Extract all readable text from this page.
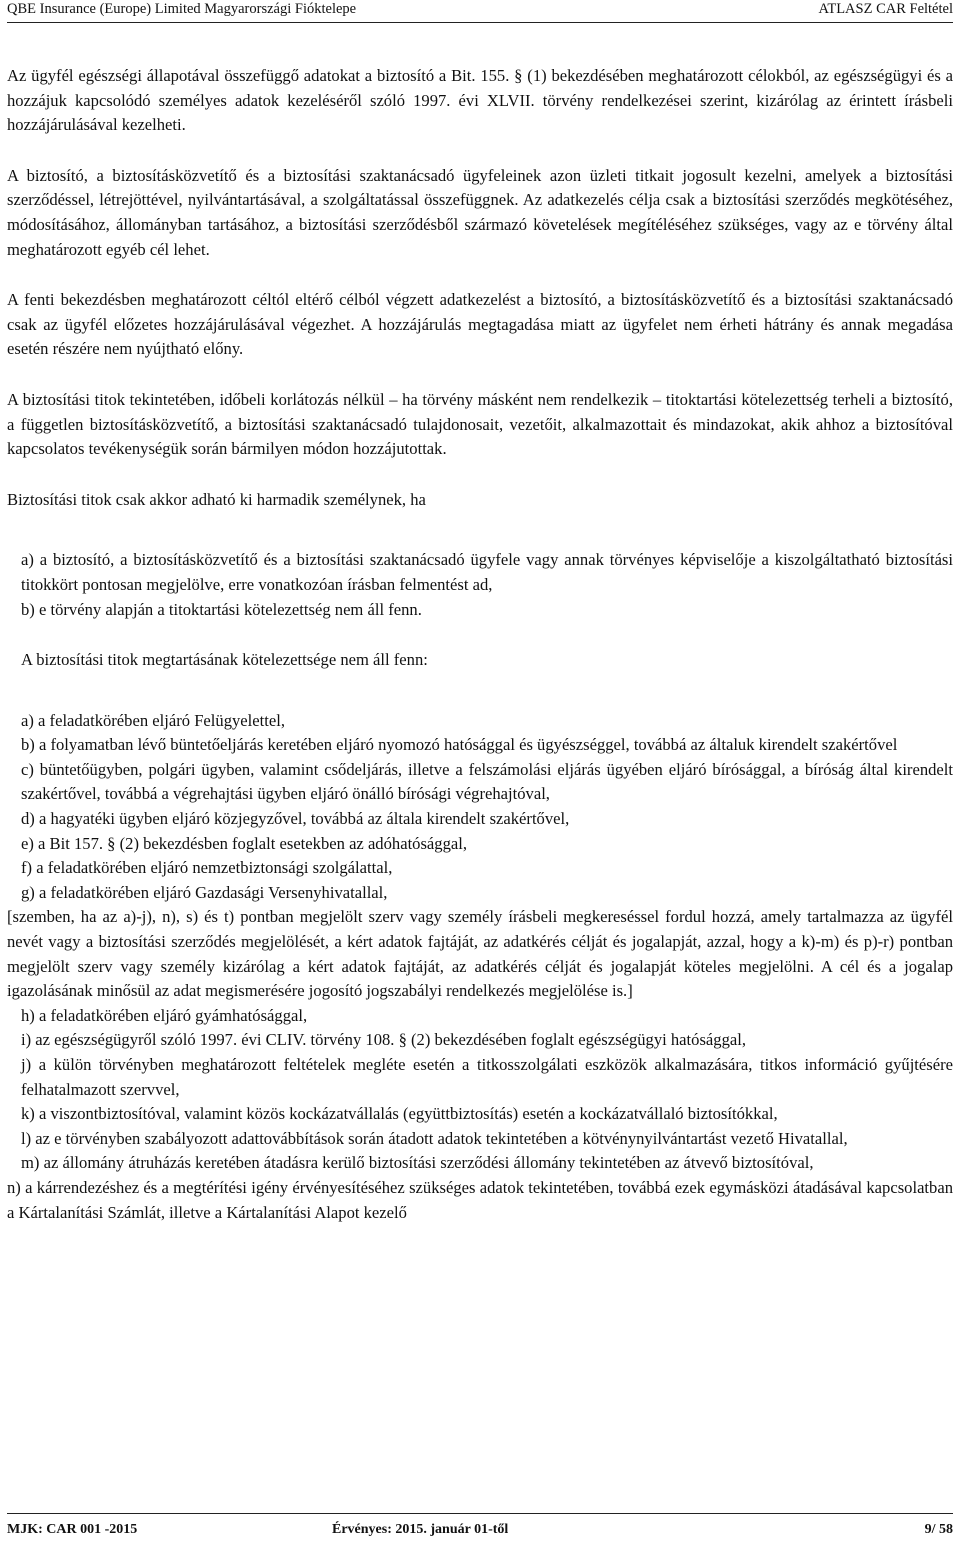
QBE Insurance (Europe) Limited Magyarországi Fióktelepe	ATLASZ CAR Feltétel

Az ügyfél egészségi állapotával összefüggő adatokat a biztosító a Bit. 155. § (1) bekezdésében meghatározott célokból, az egészségügyi és a hozzájuk kapcsolódó személyes adatok kezeléséről szóló 1997. évi XLVII. törvény rendelkezései szerint, kizárólag az érintett írásbeli hozzájárulásával kezelheti.

A biztosító, a biztosításközvetítő és a biztosítási szaktanácsadó ügyfeleinek azon üzleti titkait jogosult kezelni, amelyek a biztosítási szerződéssel, létrejöttével, nyilvántartásával, a szolgáltatással összefüggnek. Az adatkezelés célja csak a biztosítási szerződés megkötéséhez, módosításához, állományban tartásához, a biztosítási szerződésből származó követelések megítéléséhez szükséges, vagy az e törvény által meghatározott egyéb cél lehet.

A fenti bekezdésben meghatározott céltól eltérő célból végzett adatkezelést a biztosító, a biztosításközvetítő és a biztosítási szaktanácsadó csak az ügyfél előzetes hozzájárulásával végezhet. A hozzájárulás megtagadása miatt az ügyfelet nem érheti hátrány és annak megadása esetén részére nem nyújtható előny.

A biztosítási titok tekintetében, időbeli korlátozás nélkül – ha törvény másként nem rendelkezik – titoktartási kötelezettség terheli a biztosító, a független biztosításközvetítő, a biztosítási szaktanácsadó tulajdonosait, vezetőit, alkalmazottait és mindazokat, akik ahhoz a biztosítóval kapcsolatos tevékenységük során bármilyen módon hozzájutottak.

Biztosítási titok csak akkor adható ki harmadik személynek, ha

a) a biztosító, a biztosításközvetítő és a biztosítási szaktanácsadó ügyfele vagy annak törvényes képviselője a kiszolgáltatható biztosítási titokkört pontosan megjelölve, erre vonatkozóan írásban felmentést ad,

b) e törvény alapján a titoktartási kötelezettség nem áll fenn.

A biztosítási titok megtartásának kötelezettsége nem áll fenn:

a) a feladatkörében eljáró Felügyelettel,

b) a folyamatban lévő büntetőeljárás keretében eljáró nyomozó hatósággal és ügyészséggel, továbbá az általuk kirendelt szakértővel

c) büntetőügyben, polgári ügyben, valamint csődeljárás, illetve a felszámolási eljárás ügyében eljáró bírósággal, a bíróság által kirendelt szakértővel, továbbá a végrehajtási ügyben eljáró önálló bírósági végrehajtóval,

d) a hagyatéki ügyben eljáró közjegyzővel, továbbá az általa kirendelt szakértővel,

e) a Bit 157. § (2) bekezdésben foglalt esetekben az adóhatósággal,

f) a feladatkörében eljáró nemzetbiztonsági szolgálattal,

g) a feladatkörében eljáró Gazdasági Versenyhivatallal,

[szemben, ha az a)-j), n), s) és t) pontban megjelölt szerv vagy személy írásbeli megkereséssel fordul hozzá, amely tartalmazza az ügyfél nevét vagy a biztosítási szerződés megjelölését, a kért adatok fajtáját, az adatkérés célját és jogalapját, azzal, hogy a k)-m) és p)-r) pontban megjelölt szerv vagy személy kizárólag a kért adatok fajtáját, az adatkérés célját és jogalapját köteles megjelölni. A cél és a jogalap igazolásának minősül az adat megismerésére jogosító jogszabályi rendelkezés megjelölése is.]

h) a feladatkörében eljáró gyámhatósággal,

i) az egészségügyről szóló 1997. évi CLIV. törvény 108. § (2) bekezdésében foglalt egészségügyi hatósággal,

j) a külön törvényben meghatározott feltételek megléte esetén a titkosszolgálati eszközök alkalmazására, titkos információ gyűjtésére felhatalmazott szervvel,

k) a viszontbiztosítóval, valamint közös kockázatvállalás (együttbiztosítás) esetén a kockázatvállaló biztosítókkal,

l) az e törvényben szabályozott adattovábbítások során átadott adatok tekintetében a kötvénynyilvántartást vezető Hivatallal,

m) az állomány átruházás keretében átadásra kerülő biztosítási szerződési állomány tekintetében az átvevő biztosítóval,

n) a kárrendezéshez és a megtérítési igény érvényesítéséhez szükséges adatok tekintetében, továbbá ezek egymásközi átadásával kapcsolatban a Kártalanítási Számlát, illetve a Kártalanítási Alapot kezelő

MJK: CAR 001 -2015	Érvényes: 2015. január 01-től	9/ 58
